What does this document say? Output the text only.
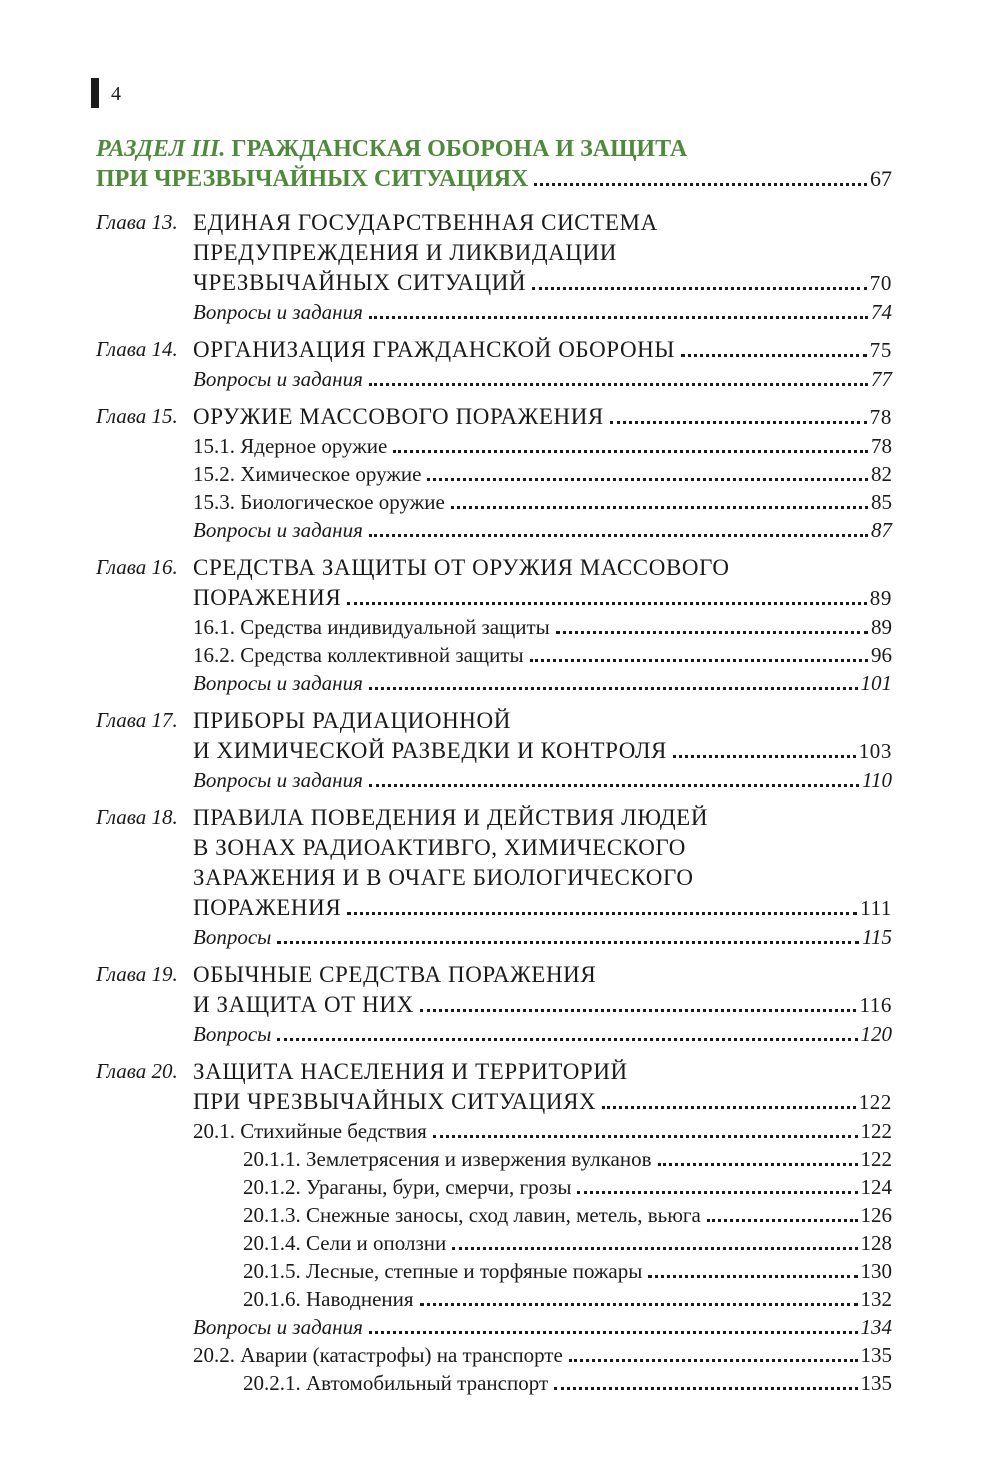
4
РАЗДЕЛ III. ГРАЖДАНСКАЯ ОБОРОНА И ЗАЩИТА
ПРИ ЧРЕЗВЫЧАЙНЫХ СИТУАЦИЯХ	67
Глава 13. ЕДИНАЯ ГОСУДАРСТВЕННАЯ СИСТЕМА
ПРЕДУПРЕЖДЕНИЯ И ЛИКВИДАЦИИ
ЧРЕЗВЫЧАЙНЫХ СИТУАЦИЙ	70
Вопросы и задания	74
Глава 14. ОРГАНИЗАЦИЯ ГРАЖДАНСКОЙ ОБОРОНЫ	75
Вопросы и задания	77
Глава 15. ОРУЖИЕ МАССОВОГО ПОРАЖЕНИЯ	78
15.1. Ядерное оружие	78
15.2. Химическое оружие	82
15.3. Биологическое оружие	85
Вопросы и задания	87
Глава 16. СРЕДСТВА ЗАЩИТЫ ОТ ОРУЖИЯ МАССОВОГО
ПОРАЖЕНИЯ	89
16.1. Средства индивидуальной защиты	89
16.2. Средства коллективной защиты	96
Вопросы и задания	101
Глава 17. ПРИБОРЫ РАДИАЦИОННОЙ
И ХИМИЧЕСКОЙ РАЗВЕДКИ И КОНТРОЛЯ	103
Вопросы и задания	110
Глава 18. ПРАВИЛА ПОВЕДЕНИЯ И ДЕЙСТВИЯ ЛЮДЕЙ
В ЗОНАХ РАДИОАКТИВГО, ХИМИЧЕСКОГО
ЗАРАЖЕНИЯ И В ОЧАГЕ БИОЛОГИЧЕСКОГО
ПОРАЖЕНИЯ	111
Вопросы	115
Глава 19. ОБЫЧНЫЕ СРЕДСТВА ПОРАЖЕНИЯ
И ЗАЩИТА ОТ НИХ	116
Вопросы	120
Глава 20. ЗАЩИТА НАСЕЛЕНИЯ И ТЕРРИТОРИЙ
ПРИ ЧРЕЗВЫЧАЙНЫХ СИТУАЦИЯХ	122
20.1. Стихийные бедствия	122
20.1.1. Землетрясения и извержения вулканов	122
20.1.2. Ураганы, бури, смерчи, грозы	124
20.1.3. Снежные заносы, сход лавин, метель, вьюга	126
20.1.4. Сели и оползни	128
20.1.5. Лесные, степные и торфяные пожары	130
20.1.6. Наводнения	132
Вопросы и задания	134
20.2. Аварии (катастрофы) на транспорте	135
20.2.1. Автомобильный транспорт	135
